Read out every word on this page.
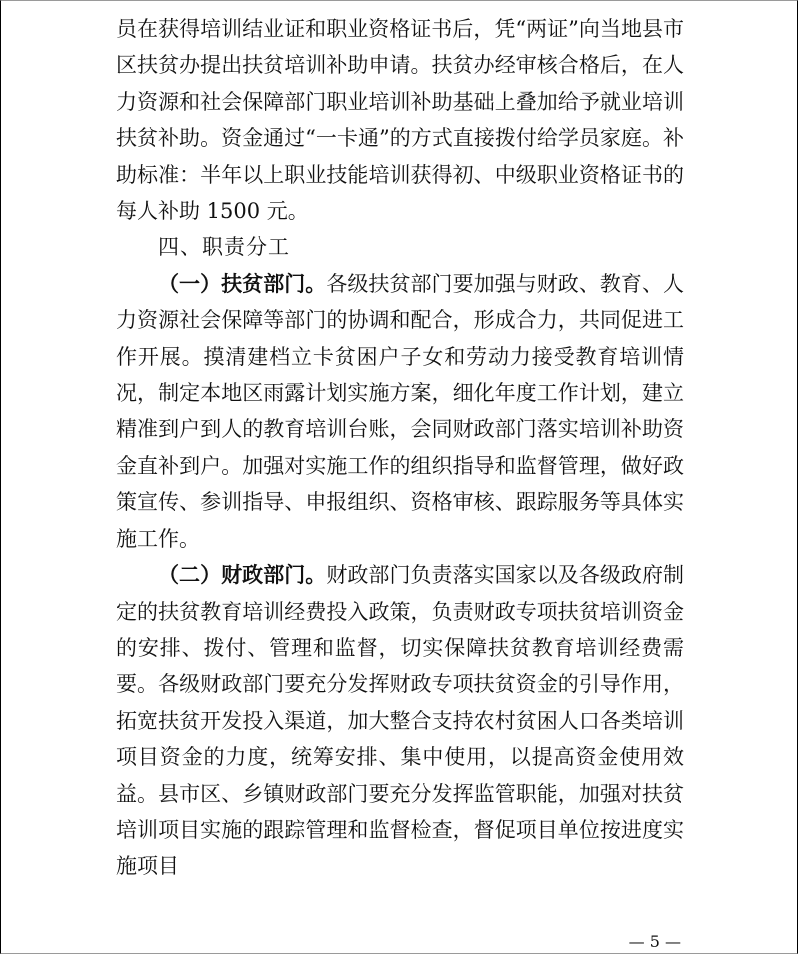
员在获得培训结业证和职业资格证书后，凭“两证”向当地县市区扶贫办提出扶贫培训补助申请。扶贫办经审核合格后，在人力资源和社会保障部门职业培训补助基础上叠加给予就业培训扶贫补助。资金通过“一卡通”的方式直接拨付给学员家庭。补助标准：半年以上职业技能培训获得初、中级职业资格证书的每人补助 1500 元。

四、职责分工

（一）扶贫部门。各级扶贫部门要加强与财政、教育、人力资源社会保障等部门的协调和配合，形成合力，共同促进工作开展。摸清建档立卡贫困户子女和劳动力接受教育培训情况，制定本地区雨露计划实施方案，细化年度工作计划，建立精准到户到人的教育培训台账，会同财政部门落实培训补助资金直补到户。加强对实施工作的组织指导和监督管理，做好政策宣传、参训指导、申报组织、资格审核、跟踪服务等具体实施工作。

（二）财政部门。财政部门负责落实国家以及各级政府制定的扶贫教育培训经费投入政策，负责财政专项扶贫培训资金的安排、拨付、管理和监督，切实保障扶贫教育培训经费需要。各级财政部门要充分发挥财政专项扶贫资金的引导作用，拓宽扶贫开发投入渠道，加大整合支持农村贫困人口各类培训项目资金的力度，统筹安排、集中使用，以提高资金使用效益。县市区、乡镇财政部门要充分发挥监管职能，加强对扶贫培训项目实施的跟踪管理和监督检查，督促项目单位按进度实施项目

— 5 —
